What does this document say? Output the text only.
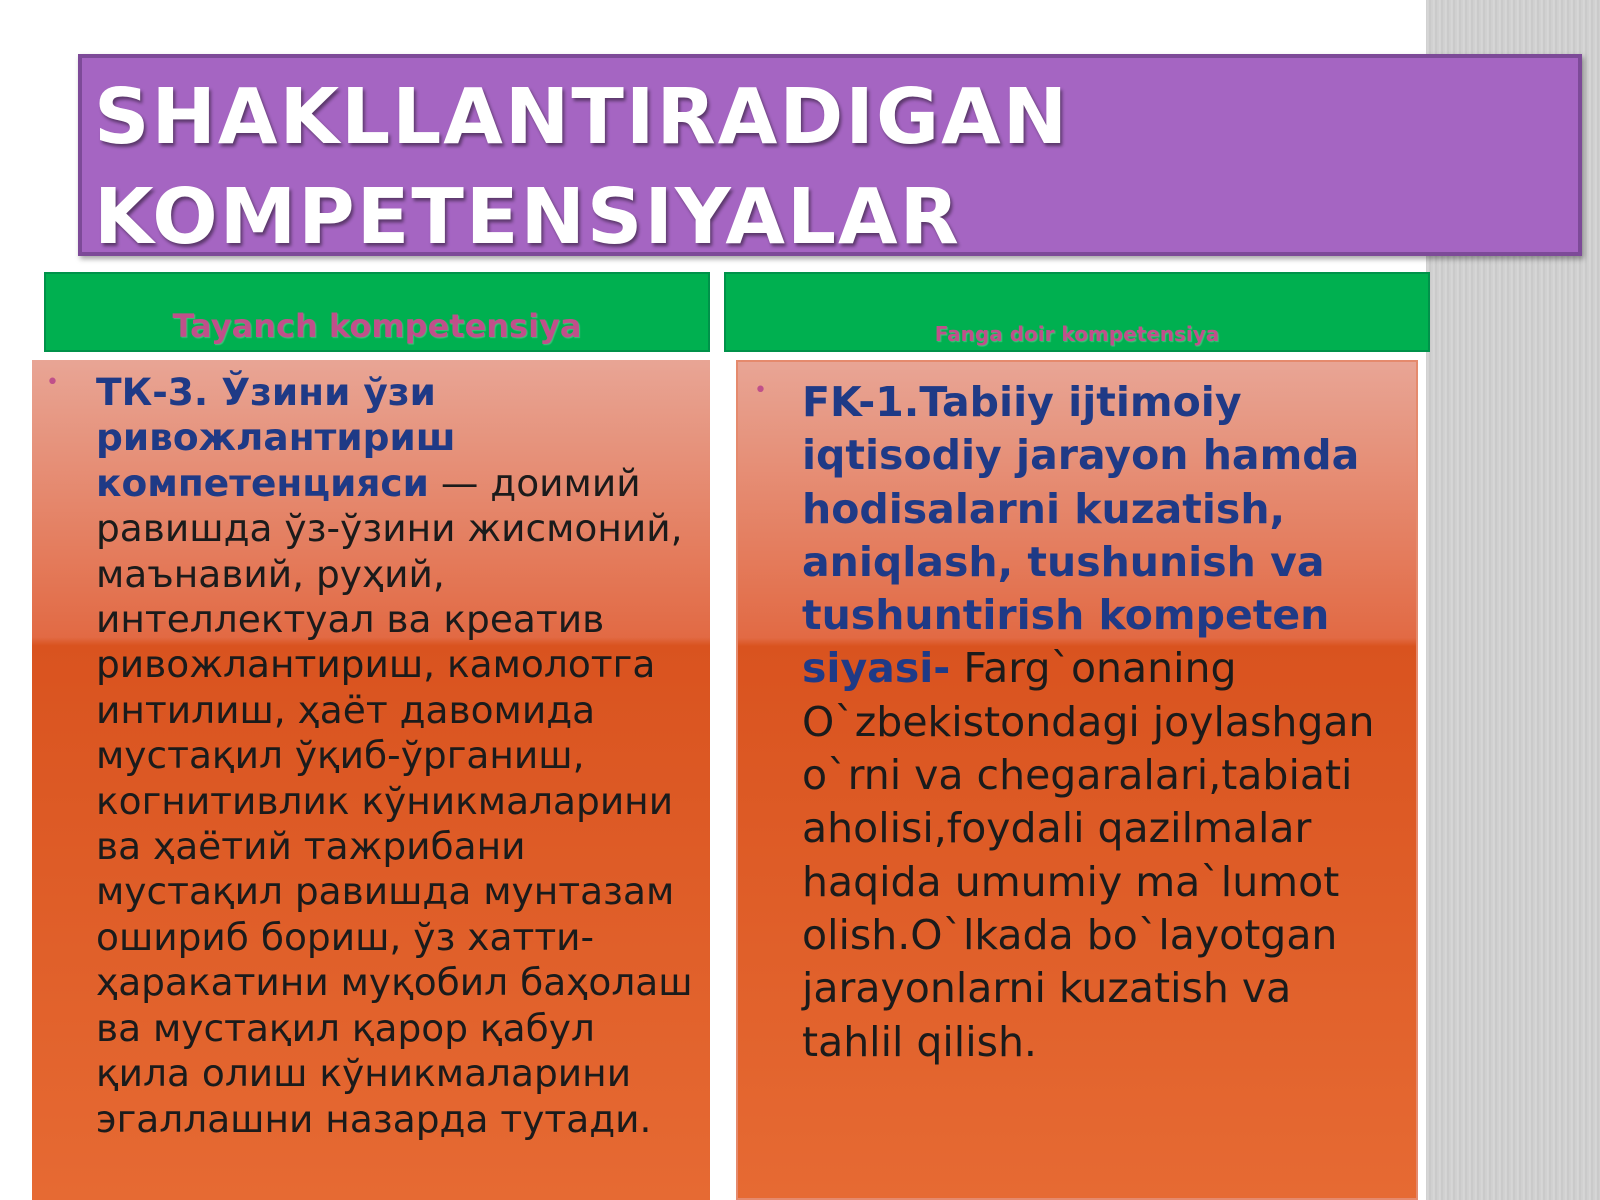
SHAKLLANTIRADIGAN KOMPETENSIYALAR
Tayanch kompetensiya	Fanga doir kompetensiya
• ТК-3. Ўзини ўзи ривожлантириш компетенцияси — доимий равишда ўз-ўзини жисмоний, маънавий, руҳий, интеллектуал ва креатив ривожлантириш, камолотга интилиш, ҳаёт давомида мустақил ўқиб-ўрганиш, когнитивлик кўникмаларини ва ҳаётий тажрибани мустақил равишда мунтазам ошириб бориш, ўз хатти-ҳаракатини муқобил баҳолаш ва мустақил қарор қабул қила олиш кўникмаларини эгаллашни назарда тутади.

• FK-1.Tabiiy ijtimoiy iqtisodiy jarayon hamda hodisalarni kuzatish, aniqlash, tushunish va tushuntirish kompeten siyasi- Farg`onaning O`zbekistondagi joylashgan o`rni va chegaralari,tabiati aholisi,foydali qazilmalar haqida umumiy ma`lumot olish.O`lkada bo`layotgan jarayonlarni kuzatish va tahlil qilish.
